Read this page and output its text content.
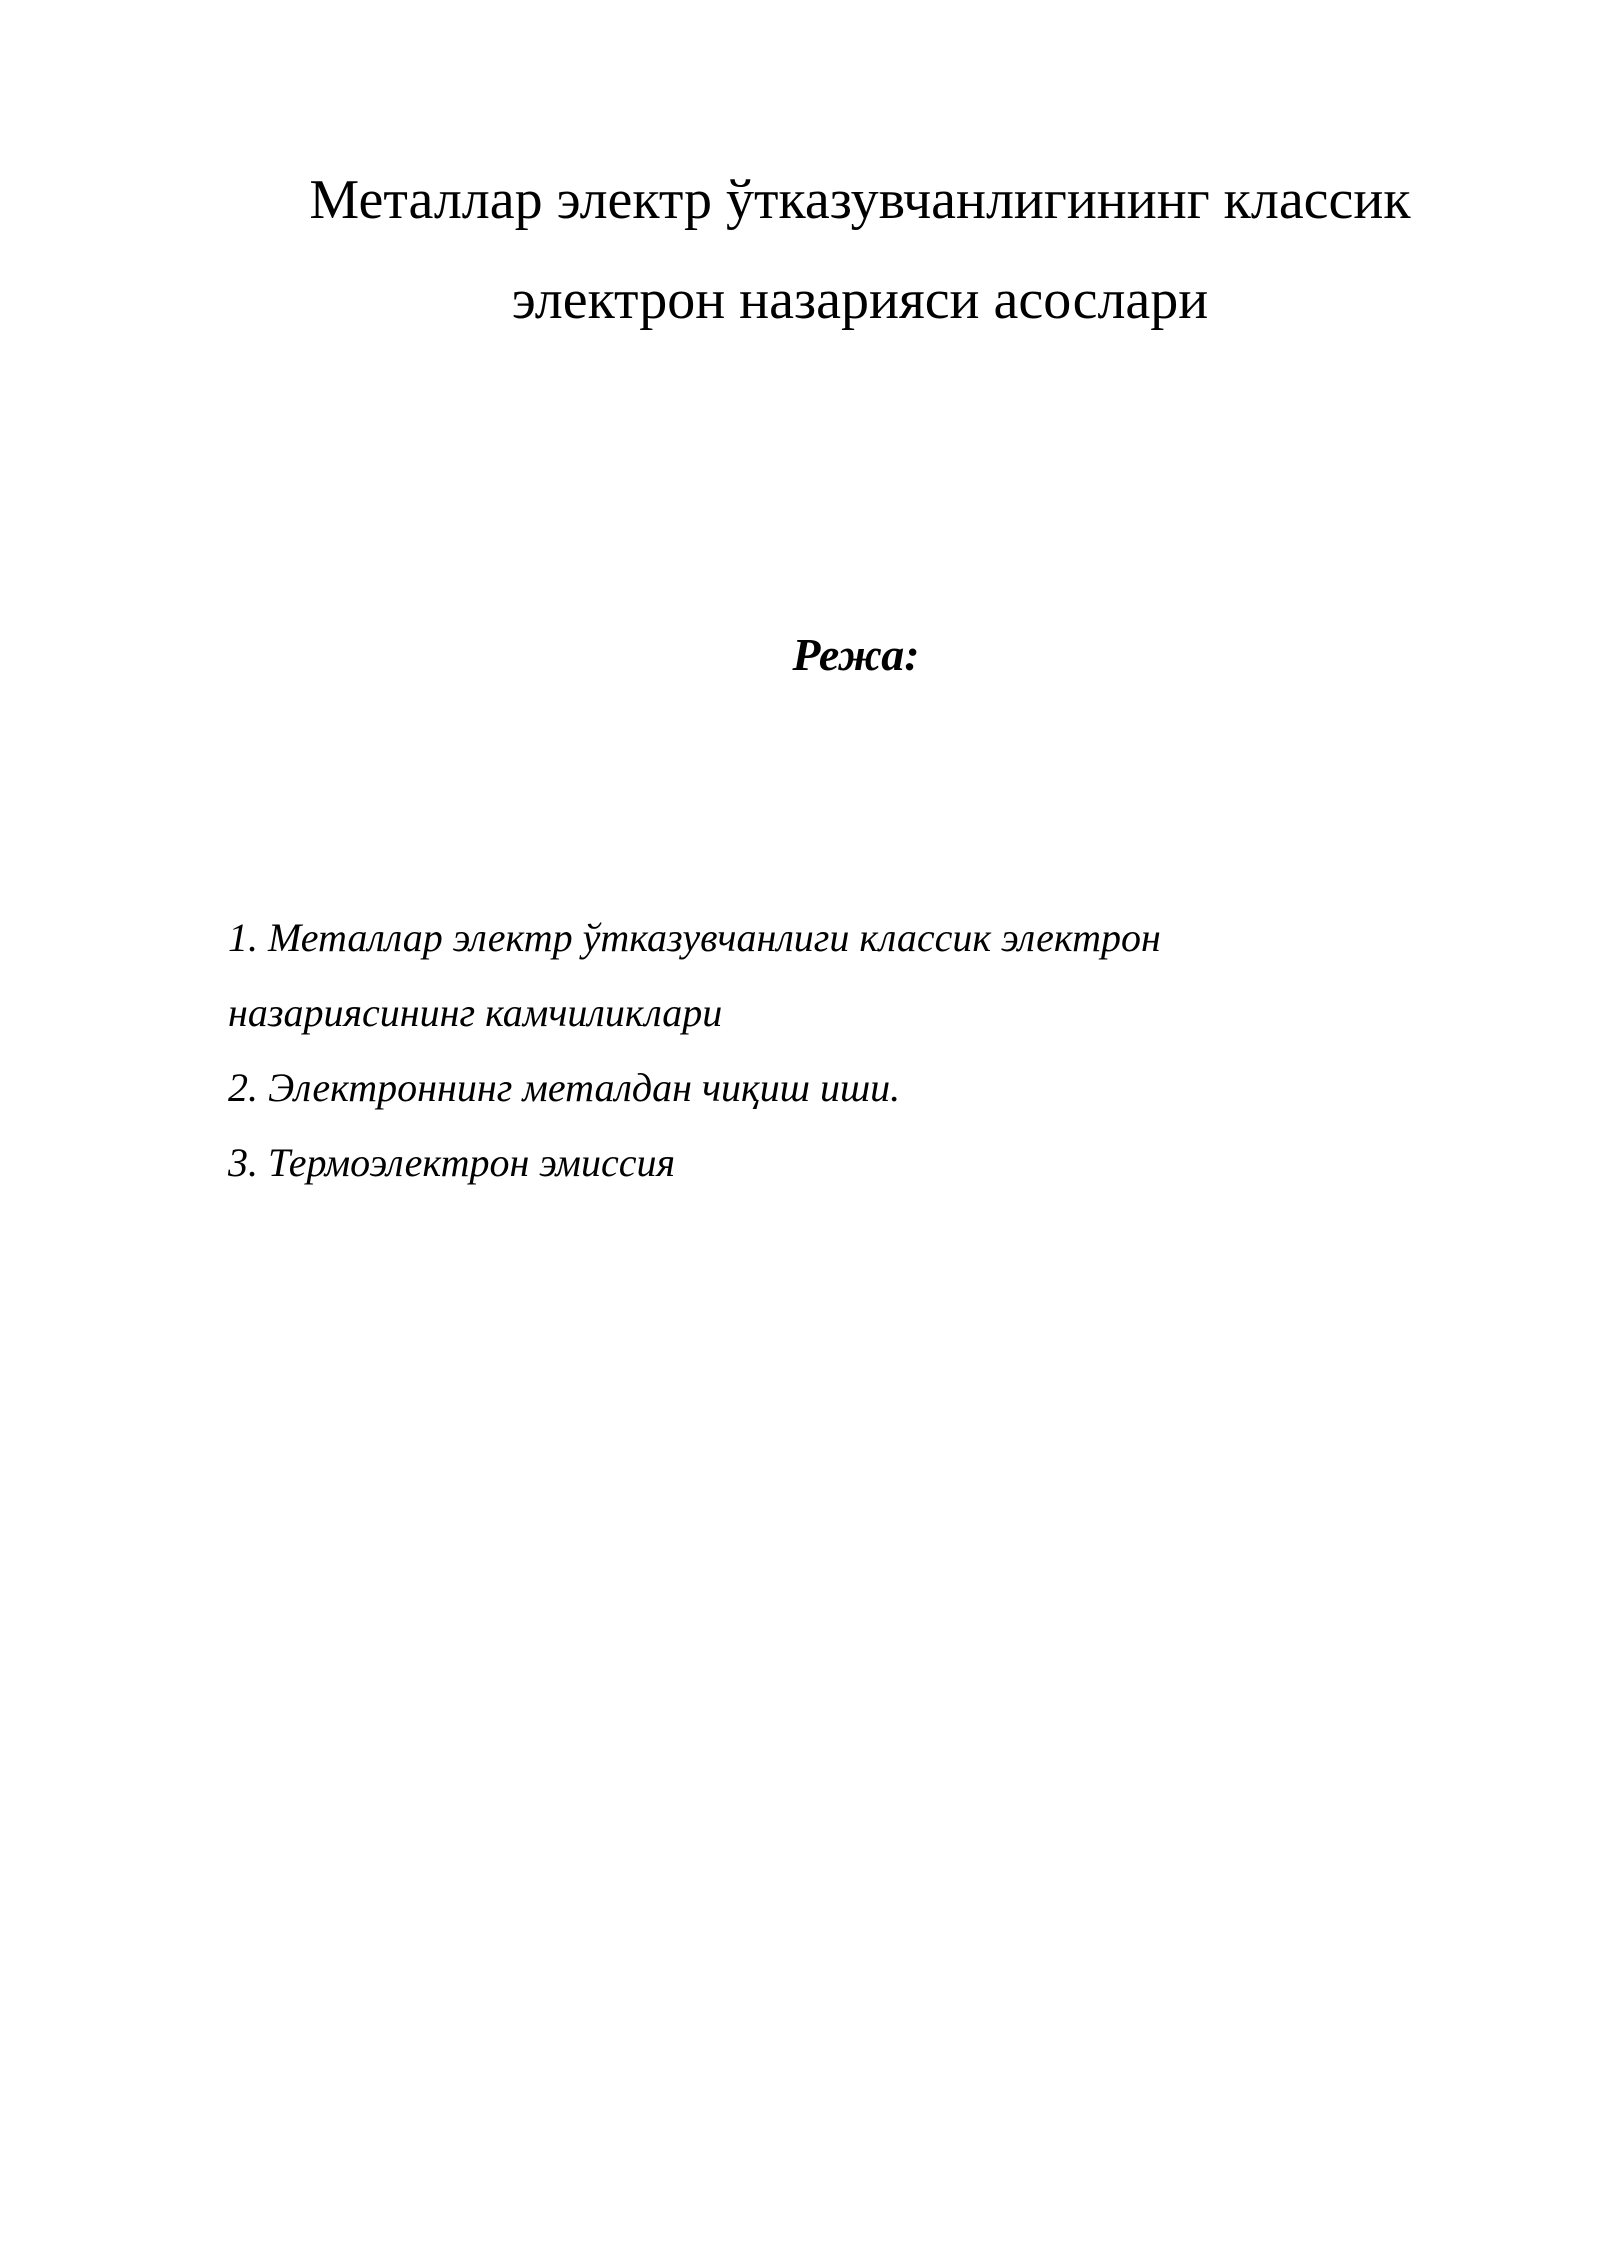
Металлар электр ўтказувчанлигининг классик
электрон назарияси асослари
Режа:
1. Металлар электр ўтказувчанлиги классик электрон
назариясининг камчиликлари
2. Электроннинг металдан чиқиш иши.
3. Термоэлектрон эмиссия
